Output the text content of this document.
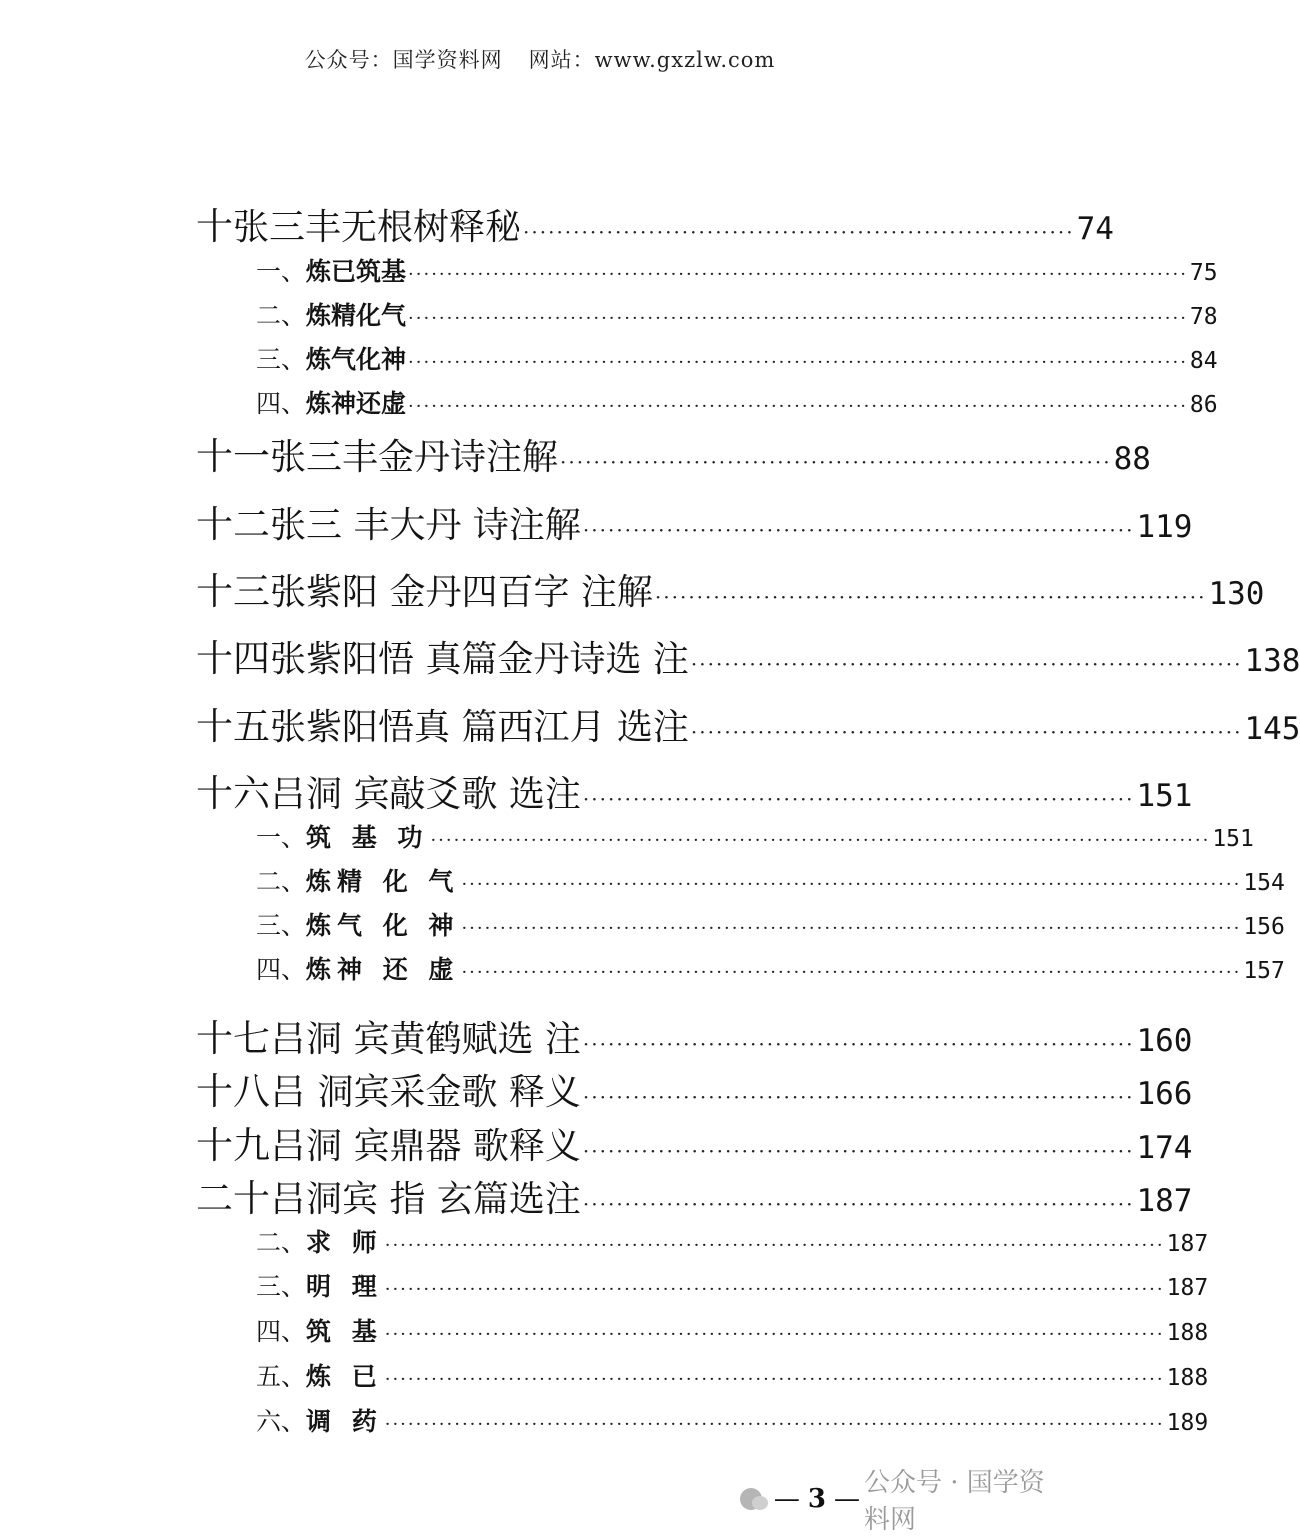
公众号：国学资料网 网站：www.gxzlw.com
十 张三丰无根树释秘 ·································································· 74
一、 炼已筑基 ····································································································· 75
二、 炼精化气 ····································································································· 78
三、 炼气化神 ····································································································· 84
四、 炼神还虚 ····································································································· 86
十一 张三丰金丹诗注解 ·································································· 88
十二 张三 丰大丹 诗注解 ·································································· 119
十三 张紫阳 金丹四百字 注解 ·································································· 130
十四 张紫阳悟 真篇金丹诗选 注 ·································································· 138
十五 张紫阳悟真 篇西江月 选注 ·································································· 145
十六 吕洞 宾敲爻歌 选注 ·································································· 151
一、 筑 基 功 ····································································································· 151
二、 炼精 化 气 ····································································································· 154
三、 炼气 化 神 ····································································································· 156
四、 炼神 还 虚 ····································································································· 157
十七 吕洞 宾黄鹤赋选 注 ·································································· 160
十八 吕 洞宾采金歌 释义 ·································································· 166
十九 吕洞 宾鼎器 歌释义 ·································································· 174
二十 吕洞宾 指 玄篇选注 ·································································· 187
二、 求 师 ····································································································· 187
三、 明 理 ····································································································· 187
四、 筑 基 ····································································································· 188
五、 炼 已 ····································································································· 188
六、 调 药 ····································································································· 189
— 3 —
公众号 · 国学资料网
